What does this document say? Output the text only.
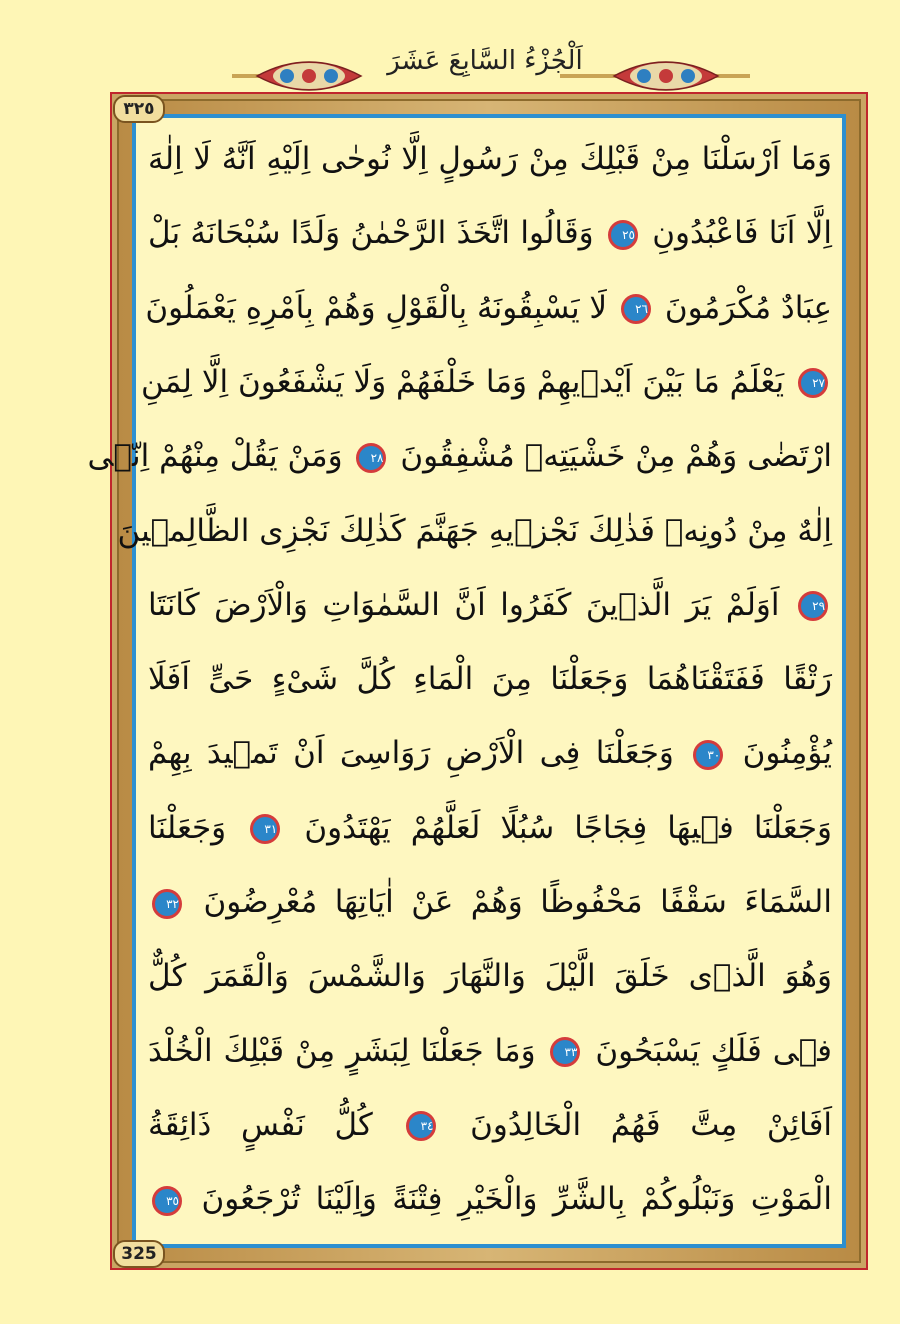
اَلْجُزْءُ السَّابِعَ عَشَرَ
٣٢٥
325
وَمَا اَرْسَلْنَا مِنْ قَبْلِكَ مِنْ رَسُولٍ اِلَّا نُوحٰى اِلَيْهِ اَنَّهُ لَا اِلٰهَ
اِلَّا اَنَا فَاعْبُدُونِ ٢٥ وَقَالُوا اتَّخَذَ الرَّحْمٰنُ وَلَدًا سُبْحَانَهُ بَلْ
عِبَادٌ مُكْرَمُونَ ٢٦ لَا يَسْبِقُونَهُ بِالْقَوْلِ وَهُمْ بِاَمْرِهِ يَعْمَلُونَ
٢٧ يَعْلَمُ مَا بَيْنَ اَيْدٖيهِمْ وَمَا خَلْفَهُمْ وَلَا يَشْفَعُونَ اِلَّا لِمَنِ
ارْتَضٰى وَهُمْ مِنْ خَشْيَتِهٖ مُشْفِقُونَ ٢٨ وَمَنْ يَقُلْ مِنْهُمْ اِنّٖى
اِلٰهٌ مِنْ دُونِهٖ فَذٰلِكَ نَجْزٖيهِ جَهَنَّمَ كَذٰلِكَ نَجْزِى الظَّالِمٖينَ
٢٩ اَوَلَمْ يَرَ الَّذٖينَ كَفَرُوا اَنَّ السَّمٰوَاتِ وَالْاَرْضَ كَانَتَا
رَتْقًا فَفَتَقْنَاهُمَا وَجَعَلْنَا مِنَ الْمَاءِ كُلَّ شَىْءٍ حَىٍّ اَفَلَا
يُؤْمِنُونَ ٣٠ وَجَعَلْنَا فِى الْاَرْضِ رَوَاسِىَ اَنْ تَمٖيدَ بِهِمْ
وَجَعَلْنَا فٖيهَا فِجَاجًا سُبُلًا لَعَلَّهُمْ يَهْتَدُونَ ٣١ وَجَعَلْنَا
السَّمَاءَ سَقْفًا مَحْفُوظًا وَهُمْ عَنْ اٰيَاتِهَا مُعْرِضُونَ ٣٢
وَهُوَ الَّذٖى خَلَقَ الَّيْلَ وَالنَّهَارَ وَالشَّمْسَ وَالْقَمَرَ كُلٌّ
فٖى فَلَكٍ يَسْبَحُونَ ٣٣ وَمَا جَعَلْنَا لِبَشَرٍ مِنْ قَبْلِكَ الْخُلْدَ
اَفَائِنْ مِتَّ فَهُمُ الْخَالِدُونَ ٣٤ كُلُّ نَفْسٍ ذَائِقَةُ
الْمَوْتِ وَنَبْلُوكُمْ بِالشَّرِّ وَالْخَيْرِ فِتْنَةً وَاِلَيْنَا تُرْجَعُونَ ٣٥
